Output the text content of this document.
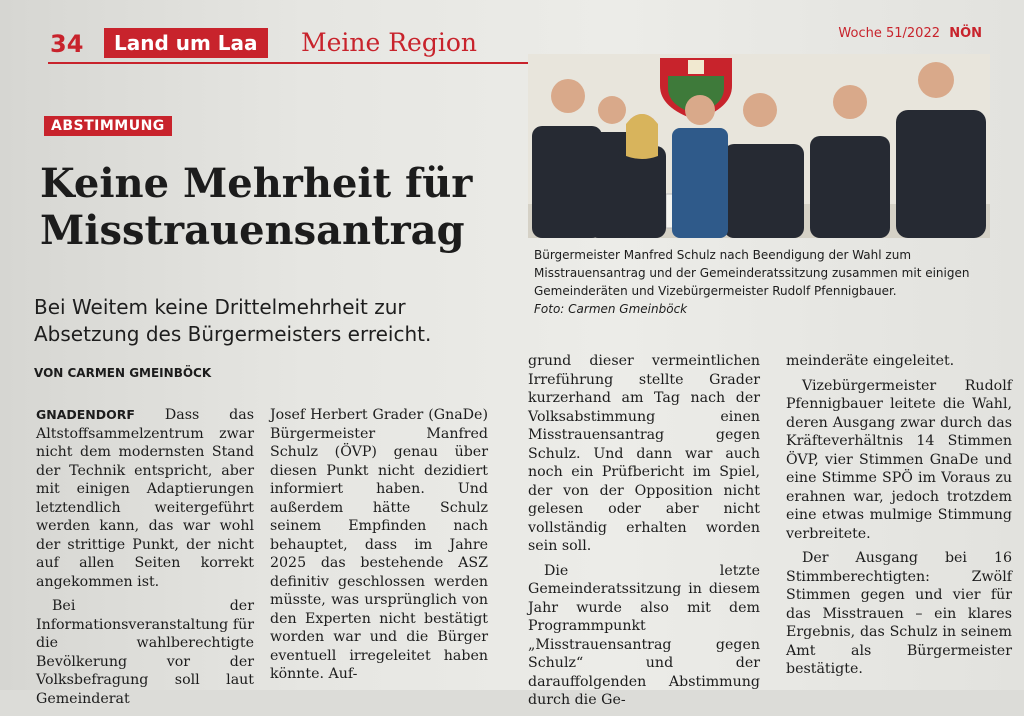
34	Land um Laa	Meine Region	Woche 51/2022 NÖN
ABSTIMMUNG
Keine Mehrheit für Misstrauensantrag
Bei Weitem keine Drittelmehrheit zur Absetzung des Bürgermeisters erreicht.
VON CARMEN GMEINBÖCK

GNADENDORF Dass das Altstoffsammelzentrum zwar nicht dem modernsten Stand der Technik entspricht, aber mit einigen Adaptierungen letztendlich weitergeführt werden kann, das war wohl der strittige Punkt, der nicht auf allen Seiten korrekt angekommen ist.

Bei der Informationsveranstaltung für die wahlberechtigte Bevölkerung vor der Volksbefragung soll laut Gemeinderat

Josef Herbert Grader (GnaDe) Bürgermeister Manfred Schulz (ÖVP) genau über diesen Punkt nicht dezidiert informiert haben. Und außerdem hätte Schulz seinem Empfinden nach behauptet, dass im Jahre 2025 das bestehende ASZ definitiv geschlossen werden müsste, was ursprünglich von den Experten nicht bestätigt worden war und die Bürger eventuell irregeleitet haben könnte. Auf-

Bürgermeister Manfred Schulz nach Beendigung der Wahl zum Misstrauensantrag und der Gemeinderatssitzung zusammen mit einigen Gemeinderäten und Vizebürgermeister Rudolf Pfennigbauer.
Foto: Carmen Gmeinböck

grund dieser vermeintlichen Irreführung stellte Grader kurzerhand am Tag nach der Volksabstimmung einen Misstrauensantrag gegen Schulz. Und dann war auch noch ein Prüfbericht im Spiel, der von der Opposition nicht gelesen oder aber nicht vollständig erhalten worden sein soll.

Die letzte Gemeinderatssitzung in diesem Jahr wurde also mit dem Programmpunkt „Misstrauensantrag gegen Schulz“ und der darauffolgenden Abstimmung durch die Ge-

meinderäte eingeleitet.

Vizebürgermeister Rudolf Pfennigbauer leitete die Wahl, deren Ausgang zwar durch das Kräfteverhältnis 14 Stimmen ÖVP, vier Stimmen GnaDe und eine Stimme SPÖ im Voraus zu erahnen war, jedoch trotzdem eine etwas mulmige Stimmung verbreitete.

Der Ausgang bei 16 Stimmberechtigten: Zwölf Stimmen gegen und vier für das Misstrauen – ein klares Ergebnis, das Schulz in seinem Amt als Bürgermeister bestätigte.
